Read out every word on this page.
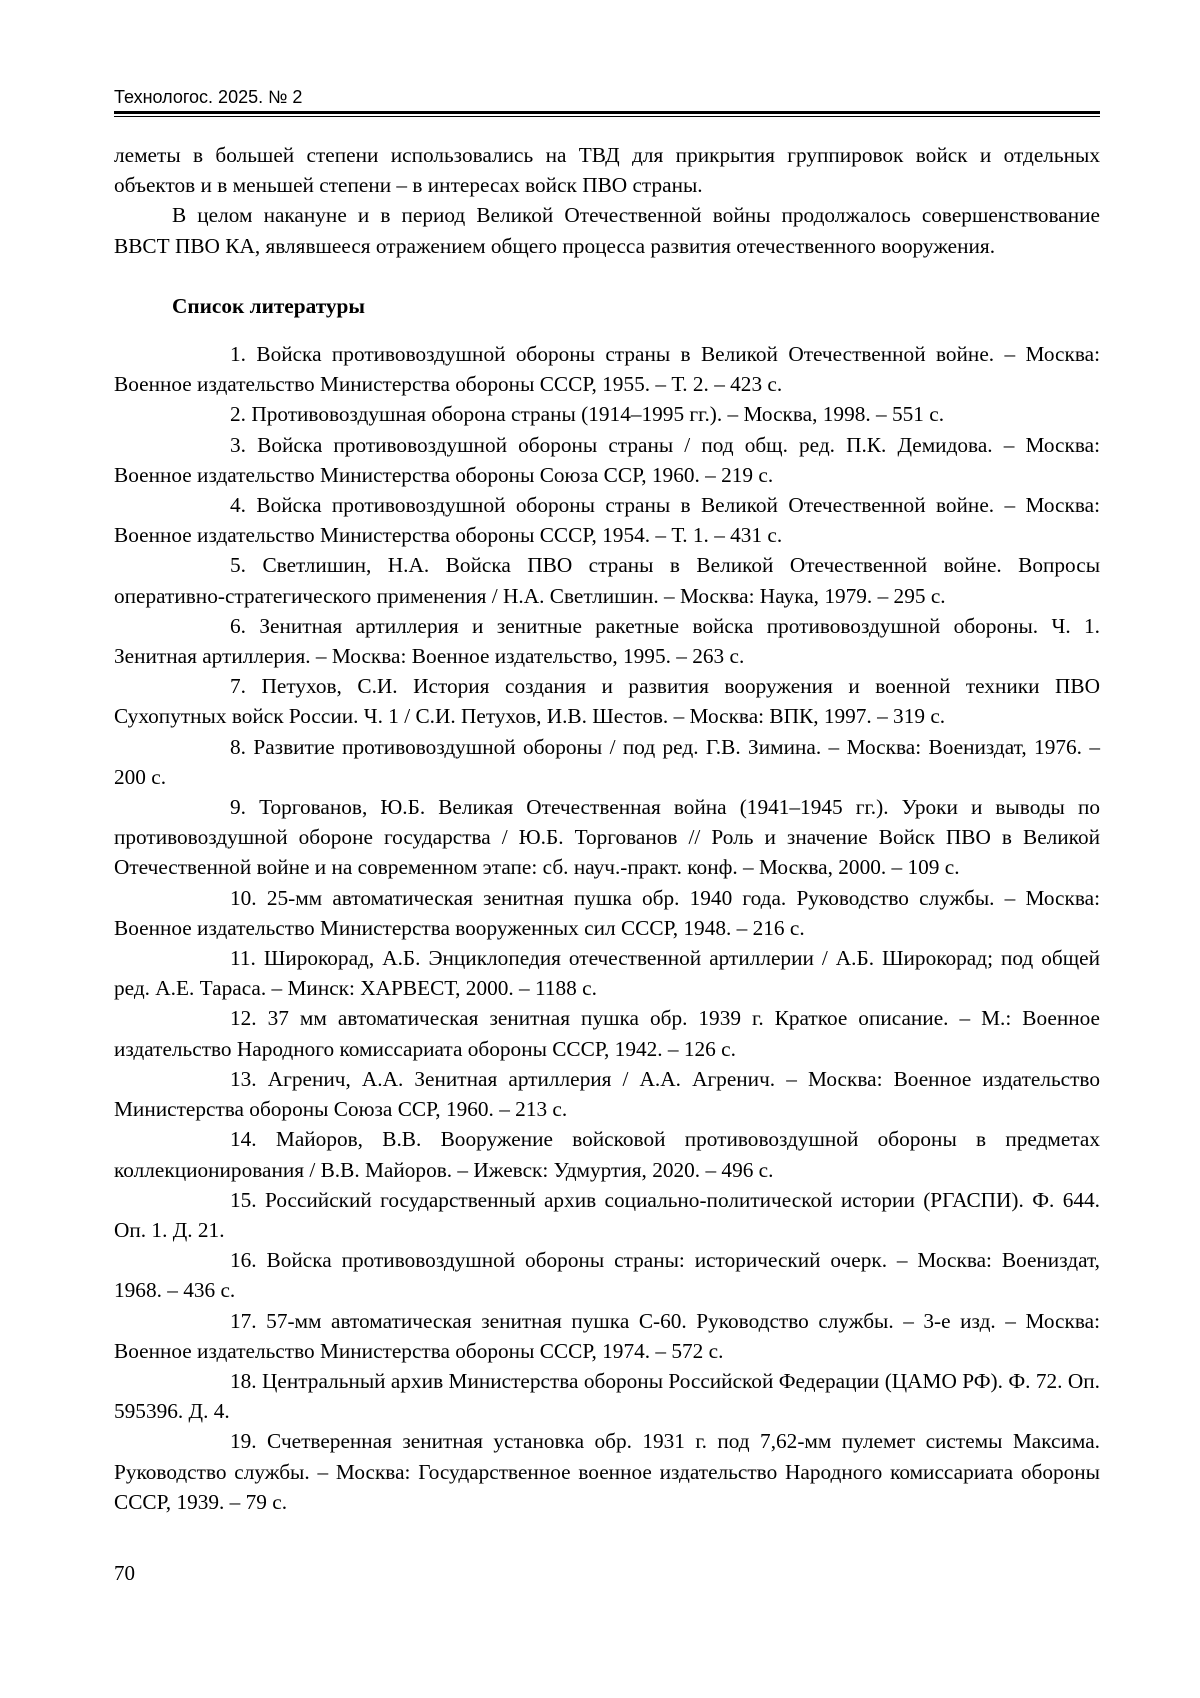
Технологос. 2025. № 2

леметы в большей степени использовались на ТВД для прикрытия группировок войск и отдельных объектов и в меньшей степени – в интересах войск ПВО страны.

В целом накануне и в период Великой Отечественной войны продолжалось совершенствование ВВСТ ПВО КА, являвшееся отражением общего процесса развития отечественного вооружения.

Список литературы

1. Войска противовоздушной обороны страны в Великой Отечественной войне. – Москва: Военное издательство Министерства обороны СССР, 1955. – Т. 2. – 423 с.

2. Противовоздушная оборона страны (1914–1995 гг.). – Москва, 1998. – 551 с.

3. Войска противовоздушной обороны страны / под общ. ред. П.К. Демидова. – Москва: Военное издательство Министерства обороны Союза ССР, 1960. – 219 с.

4. Войска противовоздушной обороны страны в Великой Отечественной войне. – Москва: Военное издательство Министерства обороны СССР, 1954. – Т. 1. – 431 с.

5. Светлишин, Н.А. Войска ПВО страны в Великой Отечественной войне. Вопросы оперативно-стратегического применения / Н.А. Светлишин. – Москва: Наука, 1979. – 295 с.

6. Зенитная артиллерия и зенитные ракетные войска противовоздушной обороны. Ч. 1. Зенитная артиллерия. – Москва: Военное издательство, 1995. – 263 с.

7. Петухов, С.И. История создания и развития вооружения и военной техники ПВО Сухопутных войск России. Ч. 1 / С.И. Петухов, И.В. Шестов. – Москва: ВПК, 1997. – 319 с.

8. Развитие противовоздушной обороны / под ред. Г.В. Зимина. – Москва: Воениздат, 1976. – 200 с.

9. Торгованов, Ю.Б. Великая Отечественная война (1941–1945 гг.). Уроки и выводы по противовоздушной обороне государства / Ю.Б. Торгованов // Роль и значение Войск ПВО в Великой Отечественной войне и на современном этапе: сб. науч.-практ. конф. – Москва, 2000. – 109 с.

10. 25-мм автоматическая зенитная пушка обр. 1940 года. Руководство службы. – Москва: Военное издательство Министерства вооруженных сил СССР, 1948. – 216 с.

11. Широкорад, А.Б. Энциклопедия отечественной артиллерии / А.Б. Широкорад; под общей ред. А.Е. Тараса. – Минск: ХАРВЕСТ, 2000. – 1188 с.

12. 37 мм автоматическая зенитная пушка обр. 1939 г. Краткое описание. – М.: Военное издательство Народного комиссариата обороны СССР, 1942. – 126 с.

13. Агренич, А.А. Зенитная артиллерия / А.А. Агренич. – Москва: Военное издательство Министерства обороны Союза ССР, 1960. – 213 с.

14. Майоров, В.В. Вооружение войсковой противовоздушной обороны в предметах коллекционирования / В.В. Майоров. – Ижевск: Удмуртия, 2020. – 496 с.

15. Российский государственный архив социально-политической истории (РГАСПИ). Ф. 644. Оп. 1. Д. 21.

16. Войска противовоздушной обороны страны: исторический очерк. – Москва: Воениздат, 1968. – 436 с.

17. 57-мм автоматическая зенитная пушка С-60. Руководство службы. – 3-е изд. – Москва: Военное издательство Министерства обороны СССР, 1974. – 572 с.

18. Центральный архив Министерства обороны Российской Федерации (ЦАМО РФ). Ф. 72. Оп. 595396. Д. 4.

19. Счетверенная зенитная установка обр. 1931 г. под 7,62-мм пулемет системы Максима. Руководство службы. – Москва: Государственное военное издательство Народного комиссариата обороны СССР, 1939. – 79 с.

70
